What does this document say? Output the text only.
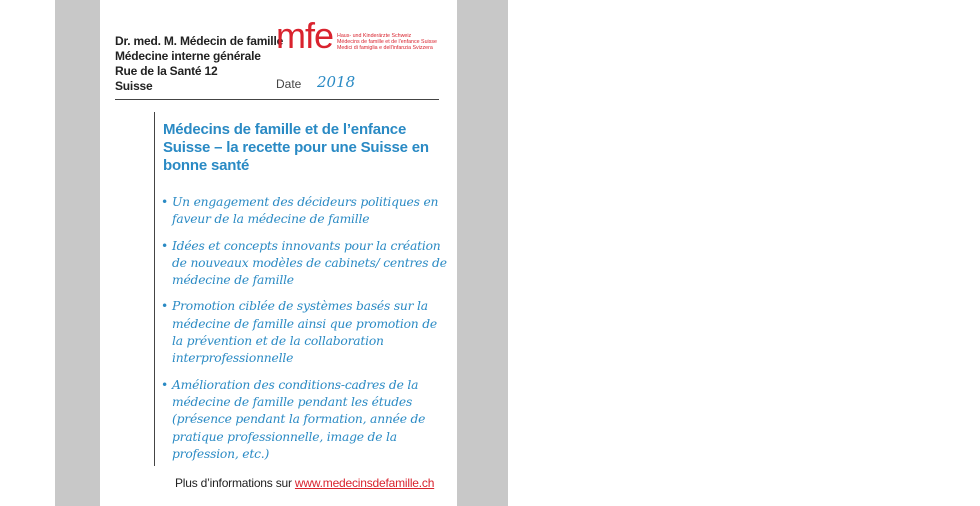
Dr. med. M. Médecin de famille
Médecine interne générale
Rue de la Santé 12
Suisse
mfe Haus- und Kinderärzte Schweiz
Médecins de famille et de l'enfance Suisse
Medici di famiglia e dell'infanzia Svizzera
Date 2018
Médecins de famille et de l’enfance Suisse – la recette pour une Suisse en bonne santé
• Un engagement des décideurs politiques en faveur de la médecine de famille
• Idées et concepts innovants pour la création de nouveaux modèles de cabinets/ centres de médecine de famille
• Promotion ciblée de systèmes basés sur la médecine de famille ainsi que promotion de la prévention et de la collaboration interprofessionnelle
• Amélioration des conditions-cadres de la médecine de famille pendant les études (présence pendant la formation, année de pratique professionnelle, image de la profession, etc.)
Plus d’informations sur www.medecinsdefamille.ch
